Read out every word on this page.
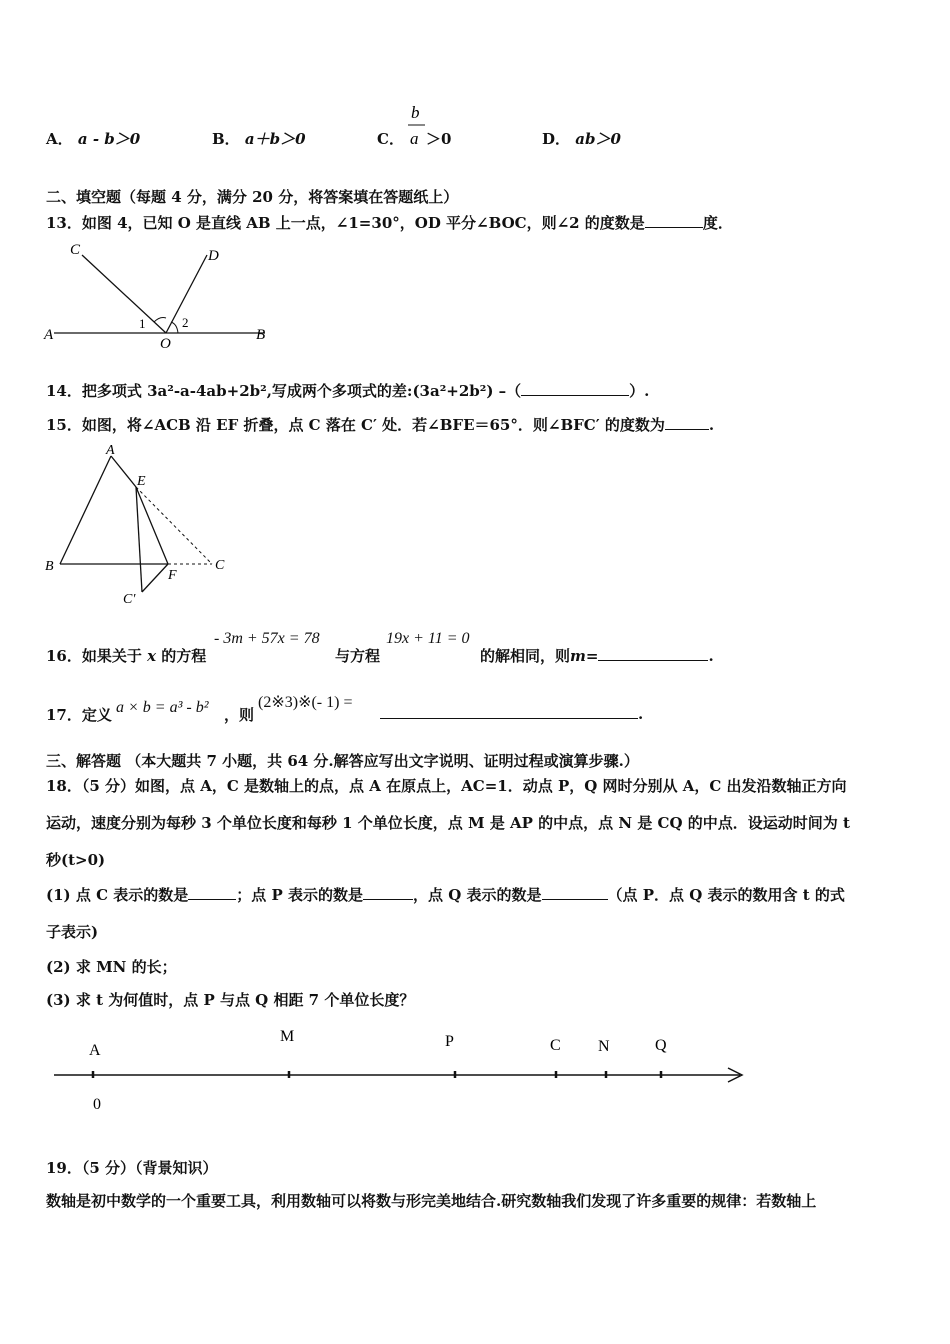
A． a - b＞0	B． a＋b＞0	C．
b
a ＞0	D． ab＞0
二、填空题（每题 4 分，满分 20 分，将答案填在答题纸上）
13．如图 4，已知 O 是直线 AB 上一点，∠1=30°，OD 平分∠BOC，则∠2 的度数是	度．
A	B
C	D
O
1	2
14．把多项式 3a²-a-4ab+2b²,写成两个多项式的差:(3a²+2b²) –（	）.
15．如图，将∠ACB 沿 EF 折叠，点 C 落在 C′ 处．若∠BFE＝65°．则∠BFC′ 的度数为	.
A
E
B
F
C
C′
16．如果关于 x 的方程
- 3m + 57x = 78
与方程
19x + 11 = 0
的解相同，则m=	.
17．定义 a × b = a³ - b² ，则
(2※3)※(- 1) =
.
三、解答题 （本大题共 7 小题，共 64 分.解答应写出文字说明、证明过程或演算步骤.）
18．（5 分）如图，点 A，C 是数轴上的点，点 A 在原点上，AC=1．动点 P，Q 网时分别从 A，C 出发沿数轴正方向
运动，速度分别为每秒 3 个单位长度和每秒 1 个单位长度，点 M 是 AP 的中点，点 N 是 CQ 的中点．设运动时间为 t
秒(t>0)
(1) 点 C 表示的数是	；点 P 表示的数是	，点 Q 表示的数是	（点 P．点 Q 表示的数用含 t 的式
子表示)
(2) 求 MN 的长；
(3) 求 t 为何值时，点 P 与点 Q 相距 7 个单位长度？
A
M	P	C N	Q
0
19．（5 分）（背景知识）
数轴是初中数学的一个重要工具，利用数轴可以将数与形完美地结合.研究数轴我们发现了许多重要的规律：若数轴上
